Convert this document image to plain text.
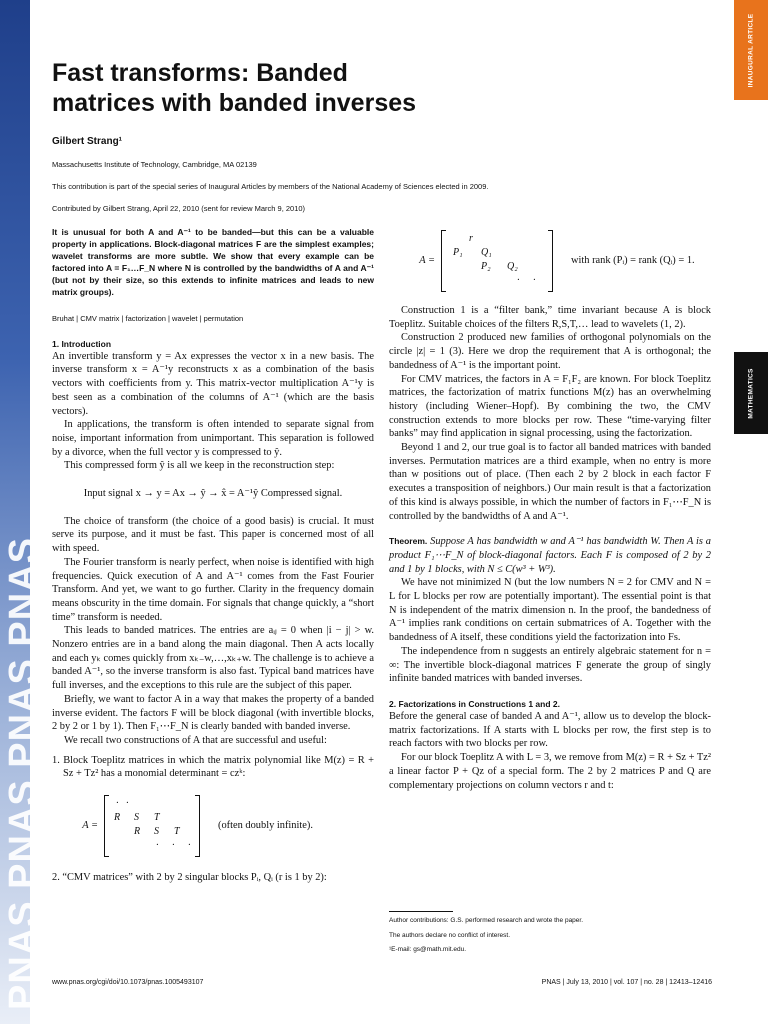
PNAS PNAS PNAS PNAS
INAUGURAL ARTICLE
MATHEMATICS
Fast transforms: Banded matrices with banded inverses
Gilbert Strang¹
Massachusetts Institute of Technology, Cambridge, MA 02139
This contribution is part of the special series of Inaugural Articles by members of the National Academy of Sciences elected in 2009.
Contributed by Gilbert Strang, April 22, 2010 (sent for review March 9, 2010)

It is unusual for both A and A⁻¹ to be banded—but this can be a valuable property in applications. Block-diagonal matrices F are the simplest examples; wavelet transforms are more subtle. We show that every example can be factored into A = F₁…F_N where N is controlled by the bandwidths of A and A⁻¹ (but not by their size, so this extends to infinite matrices and leads to new matrix groups).

Bruhat | CMV matrix | factorization | wavelet | permutation

1. Introduction

An invertible transform y = Ax expresses the vector x in a new basis. The inverse transform x = A⁻¹y reconstructs x as a combination of the basis vectors with coefficients from y. This matrix-vector multiplication A⁻¹y is best seen as a combination of the columns of A⁻¹ (which are the basis vectors).

In applications, the transform is often intended to separate signal from noise, important information from unimportant. This separation is followed by a divorce, when the full vector y is compressed to ŷ.

This compressed form ŷ is all we keep in the reconstruction step:

Input signal x → y = Ax → ŷ → x̂ = A⁻¹ŷ Compressed signal.

The choice of transform (the choice of a good basis) is crucial. It must serve its purpose, and it must be fast. This paper is concerned most of all with speed.

The Fourier transform is nearly perfect, when noise is identified with high frequencies. Quick execution of A and A⁻¹ comes from the Fast Fourier Transform. And yet, we want to go further. Clarity in the frequency domain means obscurity in the time domain. For signals that change quickly, a “short time” transform is needed.

This leads to banded matrices. The entries are aᵢⱼ = 0 when |i − j| > w. Nonzero entries are in a band along the main diagonal. Then A acts locally and each yₖ comes quickly from xₖ₋w,…,xₖ₊w. The challenge is to achieve a banded A⁻¹, so the inverse transform is also fast. Typical band matrices have full inverses, and the exceptions to this rule are the subject of this paper.

Briefly, we want to factor A in a way that makes the property of a banded inverse evident. The factors F will be block diagonal (with invertible blocks, 2 by 2 or 1 by 1). Then F₁⋯F_N is clearly banded with banded inverse.

We recall two constructions of A that are successful and useful:

1. Block Toeplitz matrices in which the matrix polynomial like M(z) = R + Sz + Tz² has a monomial determinant = czᵏ:

A =
· ·
R S T
R S T
· · ·
(often doubly infinite).

2. “CMV matrices” with 2 by 2 singular blocks Pᵢ, Qᵢ (r is 1 by 2):

A =
r
P₁ Q₁
P₂ Q₂
· ·
with rank (Pᵢ) = rank (Qᵢ) = 1.

Construction 1 is a “filter bank,” time invariant because A is block Toeplitz. Suitable choices of the filters R,S,T,… lead to wavelets (1, 2).

Construction 2 produced new families of orthogonal polynomials on the circle |z| = 1 (3). Here we drop the requirement that A is orthogonal; the bandedness of A⁻¹ is the important point.

For CMV matrices, the factors in A = F₁F₂ are known. For block Toeplitz matrices, the factorization of matrix functions M(z) has an overwhelming history (including Wiener–Hopf). By combining the two, the CMV construction extends to more blocks per row. These “time-varying filter banks” may find application in signal processing, using the factorization.

Beyond 1 and 2, our true goal is to factor all banded matrices with banded inverses. Permutation matrices are a third example, when no entry is more than w positions out of place. (Then each 2 by 2 block in each factor F executes a transposition of neighbors.) Our main result is that a factorization of this kind is always possible, in which the number of factors in F₁⋯F_N is controlled by the bandwidths of A and A⁻¹.

Theorem. Suppose A has bandwidth w and A⁻¹ has bandwidth W. Then A is a product F₁⋯F_N of block-diagonal factors. Each F is composed of 2 by 2 and 1 by 1 blocks, with N ≤ C(w³ + W³).

We have not minimized N (but the low numbers N = 2 for CMV and N = L for L blocks per row are potentially important). The essential point is that N is independent of the matrix dimension n. In the proof, the bandedness of A⁻¹ implies rank conditions on certain submatrices of A. Together with the bandedness of A itself, these conditions yield the factorization into Fs.

The independence from n suggests an entirely algebraic statement for n = ∞: The invertible block-diagonal matrices F generate the group of singly infinite banded matrices with banded inverses.

2. Factorizations in Constructions 1 and 2.

Before the general case of banded A and A⁻¹, allow us to develop the block-matrix factorizations. If A starts with L blocks per row, the first step is to reach factors with two blocks per row.

For our block Toeplitz A with L = 3, we remove from M(z) = R + Sz + Tz² a linear factor P + Qz of a special form. The 2 by 2 matrices P and Q are complementary projections on column vectors r and t:

Author contributions: G.S. performed research and wrote the paper.
The authors declare no conflict of interest.
¹E-mail: gs@math.mit.edu.
www.pnas.org/cgi/doi/10.1073/pnas.1005493107	PNAS | July 13, 2010 | vol. 107 | no. 28 | 12413–12416
